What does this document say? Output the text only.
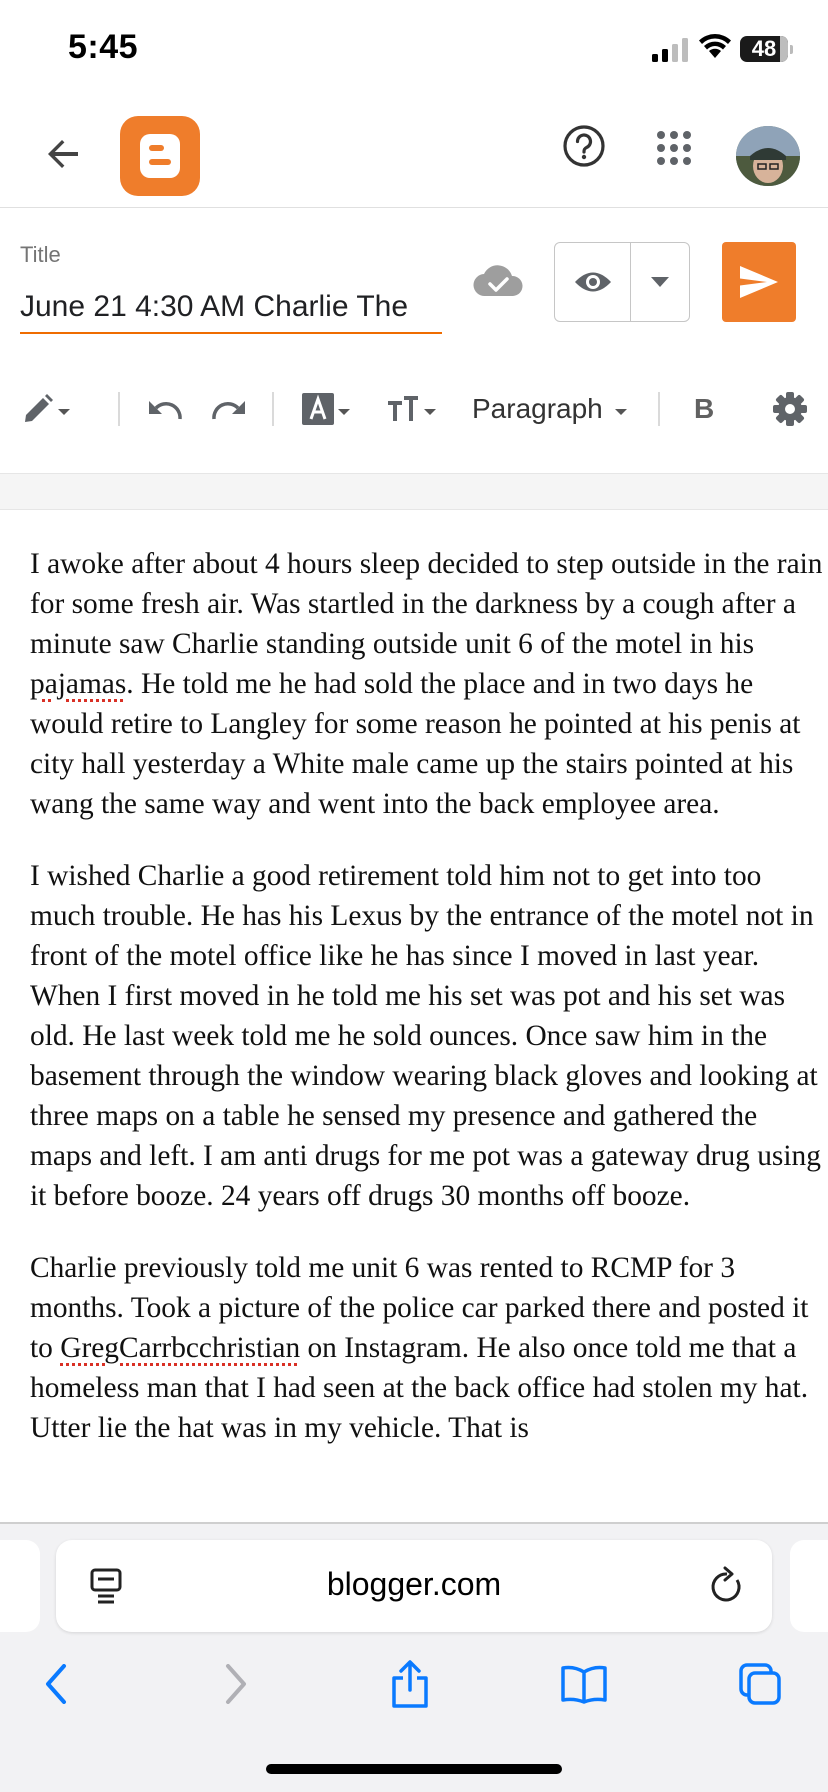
5:45	48
Title
June 21 4:30 AM Charlie The
Paragraph	B

I awoke after about 4 hours sleep decided to step outside in the rain for some fresh air. Was startled in the darkness by a cough after a minute saw Charlie standing outside unit 6 of the motel in his pajamas. He told me he had sold the place and in two days he would retire to Langley for some reason he pointed at his penis at city hall yesterday a White male came up the stairs pointed at his wang the same way and went into the back employee area.

I wished Charlie a good retirement told him not to get into too much trouble. He has his Lexus by the entrance of the motel not in front of the motel office like he has since I moved in last year. When I first moved in he told me his set was pot and his set was old. He last week told me he sold ounces. Once saw him in the basement through the window wearing black gloves and looking at three maps on a table he sensed my presence and gathered the maps and left. I am anti drugs for me pot was a gateway drug using it before booze. 24 years off drugs 30 months off booze.

Charlie previously told me unit 6 was rented to RCMP for 3 months. Took a picture of the police car parked there and posted it to GregCarrbcchristian on Instagram. He also once told me that a homeless man that I had seen at the back office had stolen my hat. Utter lie the hat was in my vehicle. That is

blogger.com
